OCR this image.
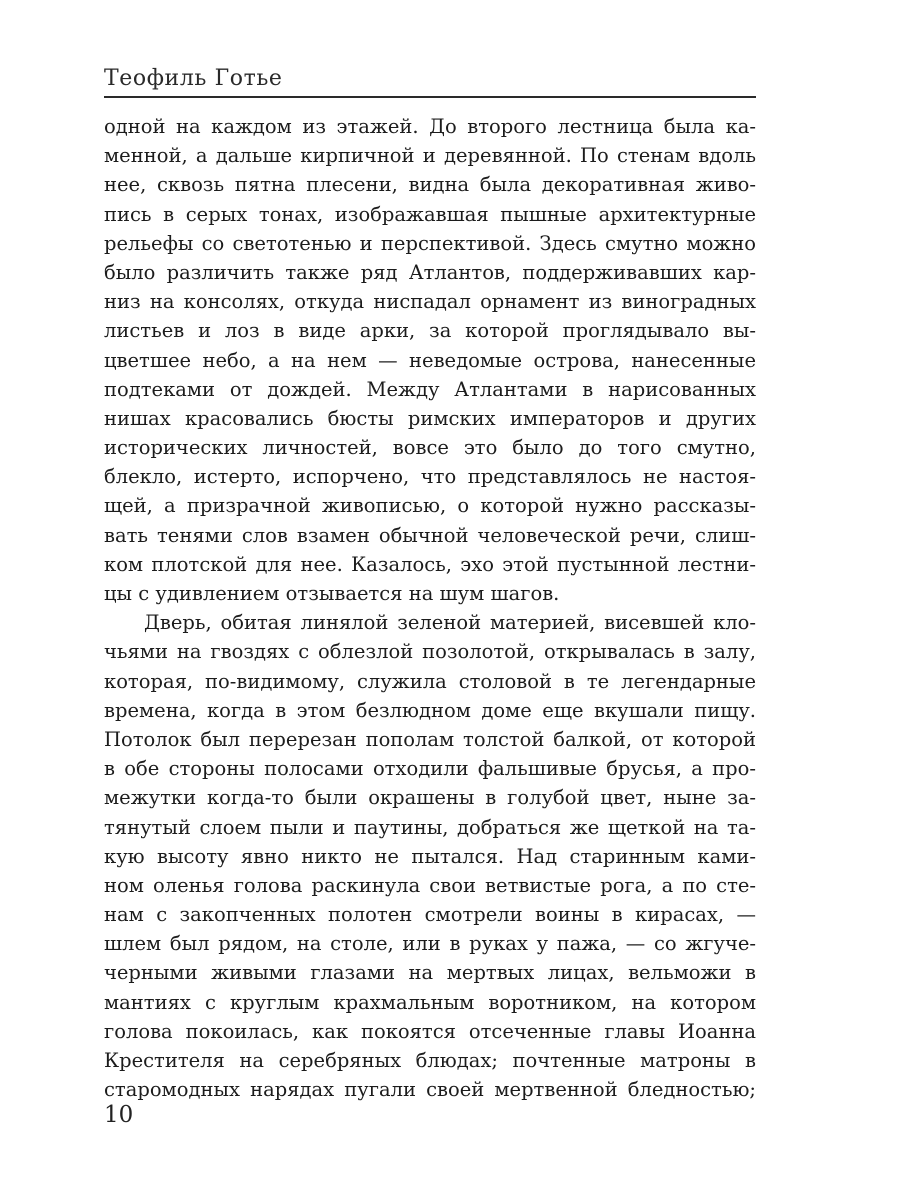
Теофиль Готье
одной на каждом из этажей. До второго лестница была ка-
менной, а дальше кирпичной и деревянной. По стенам вдоль
нее, сквозь пятна плесени, видна была декоративная живо-
пись в серых тонах, изображавшая пышные архитектурные
рельефы со светотенью и перспективой. Здесь смутно можно
было различить также ряд Атлантов, поддерживавших кар-
низ на консолях, откуда ниспадал орнамент из виноградных
листьев и лоз в виде арки, за которой проглядывало вы-
цветшее небо, а на нем — неведомые острова, нанесенные
подтеками от дождей. Между Атлантами в нарисованных
нишах красовались бюсты римских императоров и других
исторических личностей, вовсе это было до того смутно,
блекло, истерто, испорчено, что представлялось не настоя-
щей, а призрачной живописью, о которой нужно рассказы-
вать тенями слов взамен обычной человеческой речи, слиш-
ком плотской для нее. Казалось, эхо этой пустынной лестни-
цы с удивлением отзывается на шум шагов.
Дверь, обитая линялой зеленой материей, висевшей кло-
чьями на гвоздях с облезлой позолотой, открывалась в залу,
которая, по-видимому, служила столовой в те легендарные
времена, когда в этом безлюдном доме еще вкушали пищу.
Потолок был перерезан пополам толстой балкой, от которой
в обе стороны полосами отходили фальшивые брусья, а про-
межутки когда-то были окрашены в голубой цвет, ныне за-
тянутый слоем пыли и паутины, добраться же щеткой на та-
кую высоту явно никто не пытался. Над старинным ками-
ном оленья голова раскинула свои ветвистые рога, а по сте-
нам с закопченных полотен смотрели воины в кирасах, —
шлем был рядом, на столе, или в руках у пажа, — со жгуче-
черными живыми глазами на мертвых лицах, вельможи в
мантиях с круглым крахмальным воротником, на котором
голова покоилась, как покоятся отсеченные главы Иоанна
Крестителя на серебряных блюдах; почтенные матроны в
старомодных нарядах пугали своей мертвенной бледностью;
10
